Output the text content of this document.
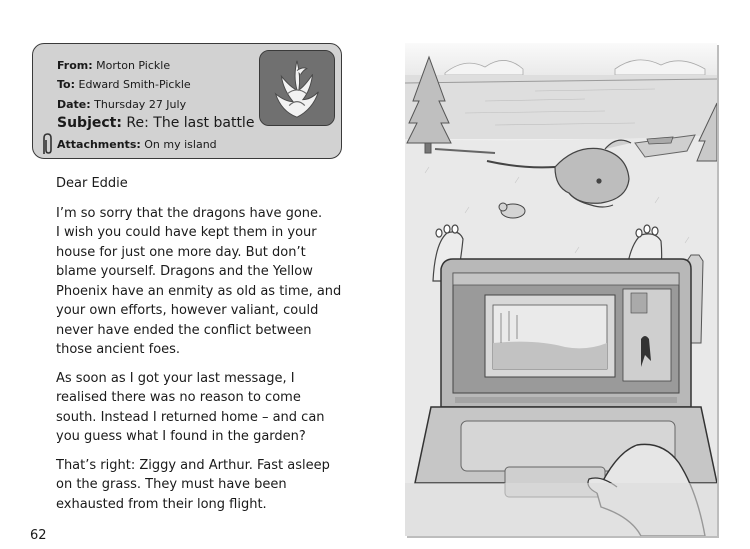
From: Morton Pickle
To: Edward Smith-Pickle
Date: Thursday 27 July
Subject: Re: The last battle
Attachments: On my island

Dear Eddie

I’m so sorry that the dragons have gone.
I wish you could have kept them in your
house for just one more day. But don’t
blame yourself. Dragons and the Yellow
Phoenix have an enmity as old as time, and
your own efforts, however valiant, could
never have ended the conflict between
those ancient foes.

As soon as I got your last message, I
realised there was no reason to come
south. Instead I returned home – and can
you guess what I found in the garden?

That’s right: Ziggy and Arthur. Fast asleep
on the grass. They must have been
exhausted from their long flight.

62
